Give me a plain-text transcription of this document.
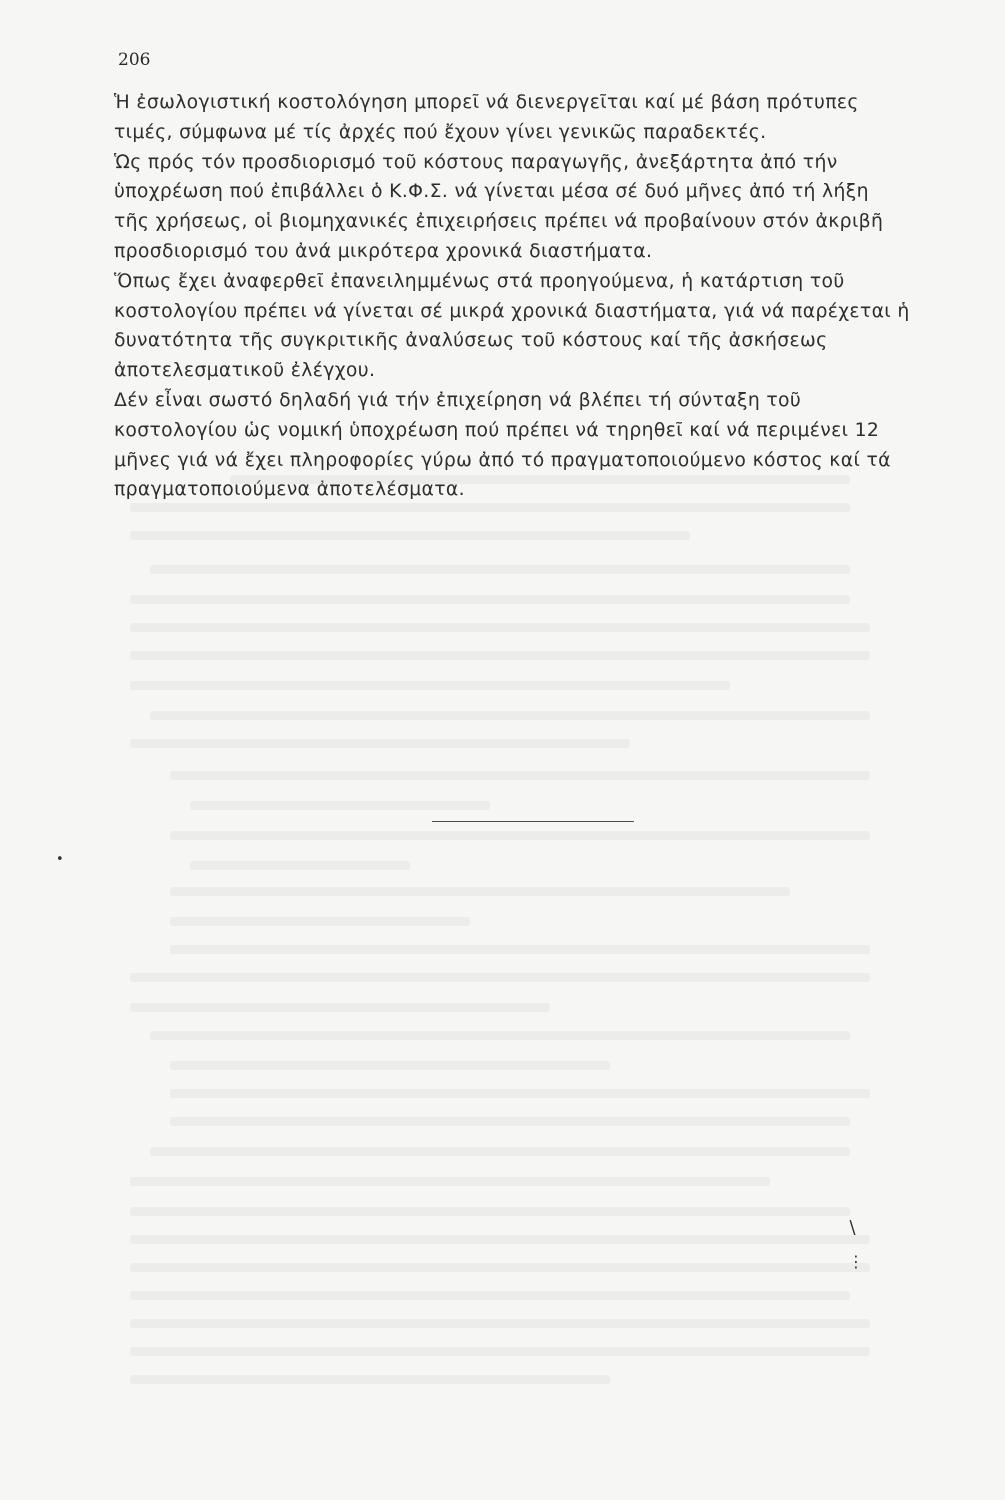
206

Ἡ ἐσωλογιστική κοστολόγηση μπορεῖ νά διενεργεῖται καί μέ βάση πρότυπες τιμές, σύμφωνα μέ τίς ἀρχές πού ἔχουν γίνει γενικῶς παραδεκτές.

Ὡς πρός τόν προσδιορισμό τοῦ κόστους παραγωγῆς, ἀνεξάρτητα ἀπό τήν ὑποχρέωση πού ἐπιβάλλει ὁ Κ.Φ.Σ. νά γίνεται μέσα σέ δυό μῆνες ἀπό τή λήξη τῆς χρήσεως, οἱ βιομηχανικές ἐπιχειρήσεις πρέπει νά προβαίνουν στόν ἀκριβῆ προσδιορισμό του ἀνά μικρότερα χρονικά διαστήματα.

Ὅπως ἔχει ἀναφερθεῖ ἐπανειλημμένως στά προηγούμενα, ἡ κατάρτιση τοῦ κοστολογίου πρέπει νά γίνεται σέ μικρά χρονικά διαστήματα, γιά νά παρέχεται ἡ δυνατότητα τῆς συγκριτικῆς ἀναλύσεως τοῦ κόστους καί τῆς ἀσκήσεως ἀποτελεσματικοῦ ἐλέγχου.

Δέν εἶναι σωστό δηλαδή γιά τήν ἐπιχείρηση νά βλέπει τή σύνταξη τοῦ κοστολογίου ὡς νομική ὑποχρέωση πού πρέπει νά τηρηθεῖ καί νά περιμένει 12 μῆνες γιά νά ἔχει πληροφορίες γύρω ἀπό τό πραγματοποιούμενο κόστος καί τά πραγματοποιούμενα ἀποτελέσματα.

•
∖
⋮
